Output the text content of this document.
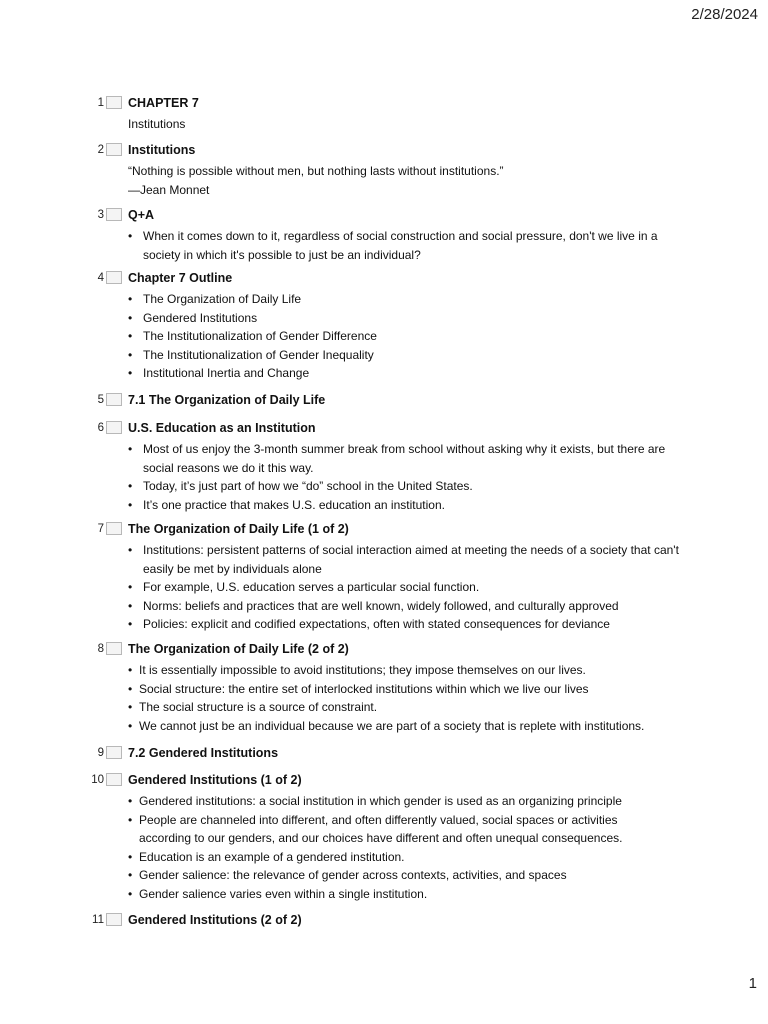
2/28/2024
1 CHAPTER 7
Institutions
2 Institutions
“Nothing is possible without men, but nothing lasts without institutions.”
—Jean Monnet
3 Q+A
• When it comes down to it, regardless of social construction and social pressure, don't we live in a society in which it's possible to just be an individual?
4 Chapter 7 Outline
• The Organization of Daily Life
• Gendered Institutions
• The Institutionalization of Gender Difference
• The Institutionalization of Gender Inequality
• Institutional Inertia and Change
5 7.1 The Organization of Daily Life
6 U.S. Education as an Institution
• Most of us enjoy the 3-month summer break from school without asking why it exists, but there are social reasons we do it this way.
• Today, it’s just part of how we “do” school in the United States.
• It’s one practice that makes U.S. education an institution.
7 The Organization of Daily Life (1 of 2)
• Institutions: persistent patterns of social interaction aimed at meeting the needs of a society that can't easily be met by individuals alone
• For example, U.S. education serves a particular social function.
• Norms: beliefs and practices that are well known, widely followed, and culturally approved
• Policies: explicit and codified expectations, often with stated consequences for deviance
8 The Organization of Daily Life (2 of 2)
• It is essentially impossible to avoid institutions; they impose themselves on our lives.
• Social structure: the entire set of interlocked institutions within which we live our lives
• The social structure is a source of constraint.
• We cannot just be an individual because we are part of a society that is replete with institutions.
9 7.2 Gendered Institutions
10 Gendered Institutions (1 of 2)
• Gendered institutions: a social institution in which gender is used as an organizing principle
• People are channeled into different, and often differently valued, social spaces or activities according to our genders, and our choices have different and often unequal consequences.
• Education is an example of a gendered institution.
• Gender salience: the relevance of gender across contexts, activities, and spaces
• Gender salience varies even within a single institution.
11 Gendered Institutions (2 of 2)
1
